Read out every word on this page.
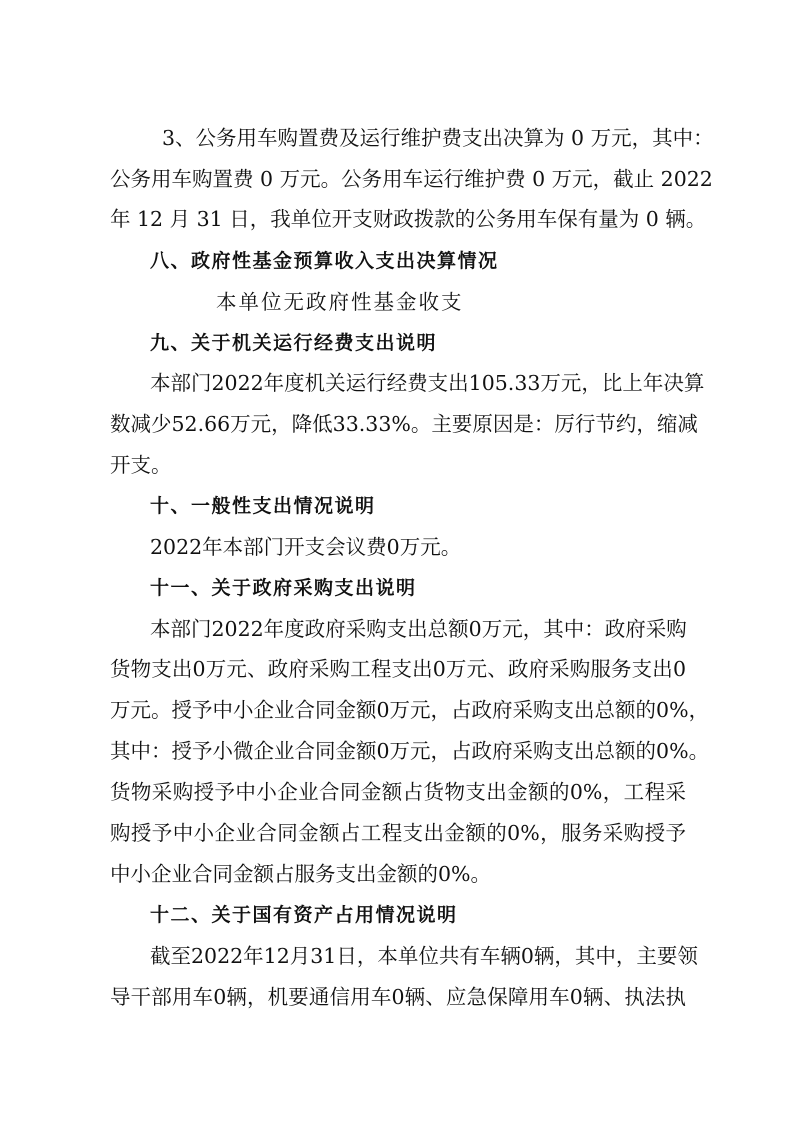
3、公务用车购置费及运行维护费支出决算为 0 万元，其中：
公务用车购置费 0 万元。公务用车运行维护费 0 万元，截止 2022
年 12 月 31 日，我单位开支财政拨款的公务用车保有量为 0 辆。
八、政府性基金预算收入支出决算情况
本单位无政府性基金收支
九、关于机关运行经费支出说明
本部门2022年度机关运行经费支出105.33万元，比上年决算
数减少52.66万元，降低33.33%。主要原因是：厉行节约，缩减
开支。
十、一般性支出情况说明
2022年本部门开支会议费0万元。
十一、关于政府采购支出说明
本部门2022年度政府采购支出总额0万元，其中：政府采购
货物支出0万元、政府采购工程支出0万元、政府采购服务支出0
万元。授予中小企业合同金额0万元，占政府采购支出总额的0%，
其中：授予小微企业合同金额0万元，占政府采购支出总额的0%。
货物采购授予中小企业合同金额占货物支出金额的0%，工程采
购授予中小企业合同金额占工程支出金额的0%，服务采购授予
中小企业合同金额占服务支出金额的0%。
十二、关于国有资产占用情况说明
截至2022年12月31日，本单位共有车辆0辆，其中，主要领
导干部用车0辆，机要通信用车0辆、应急保障用车0辆、执法执
